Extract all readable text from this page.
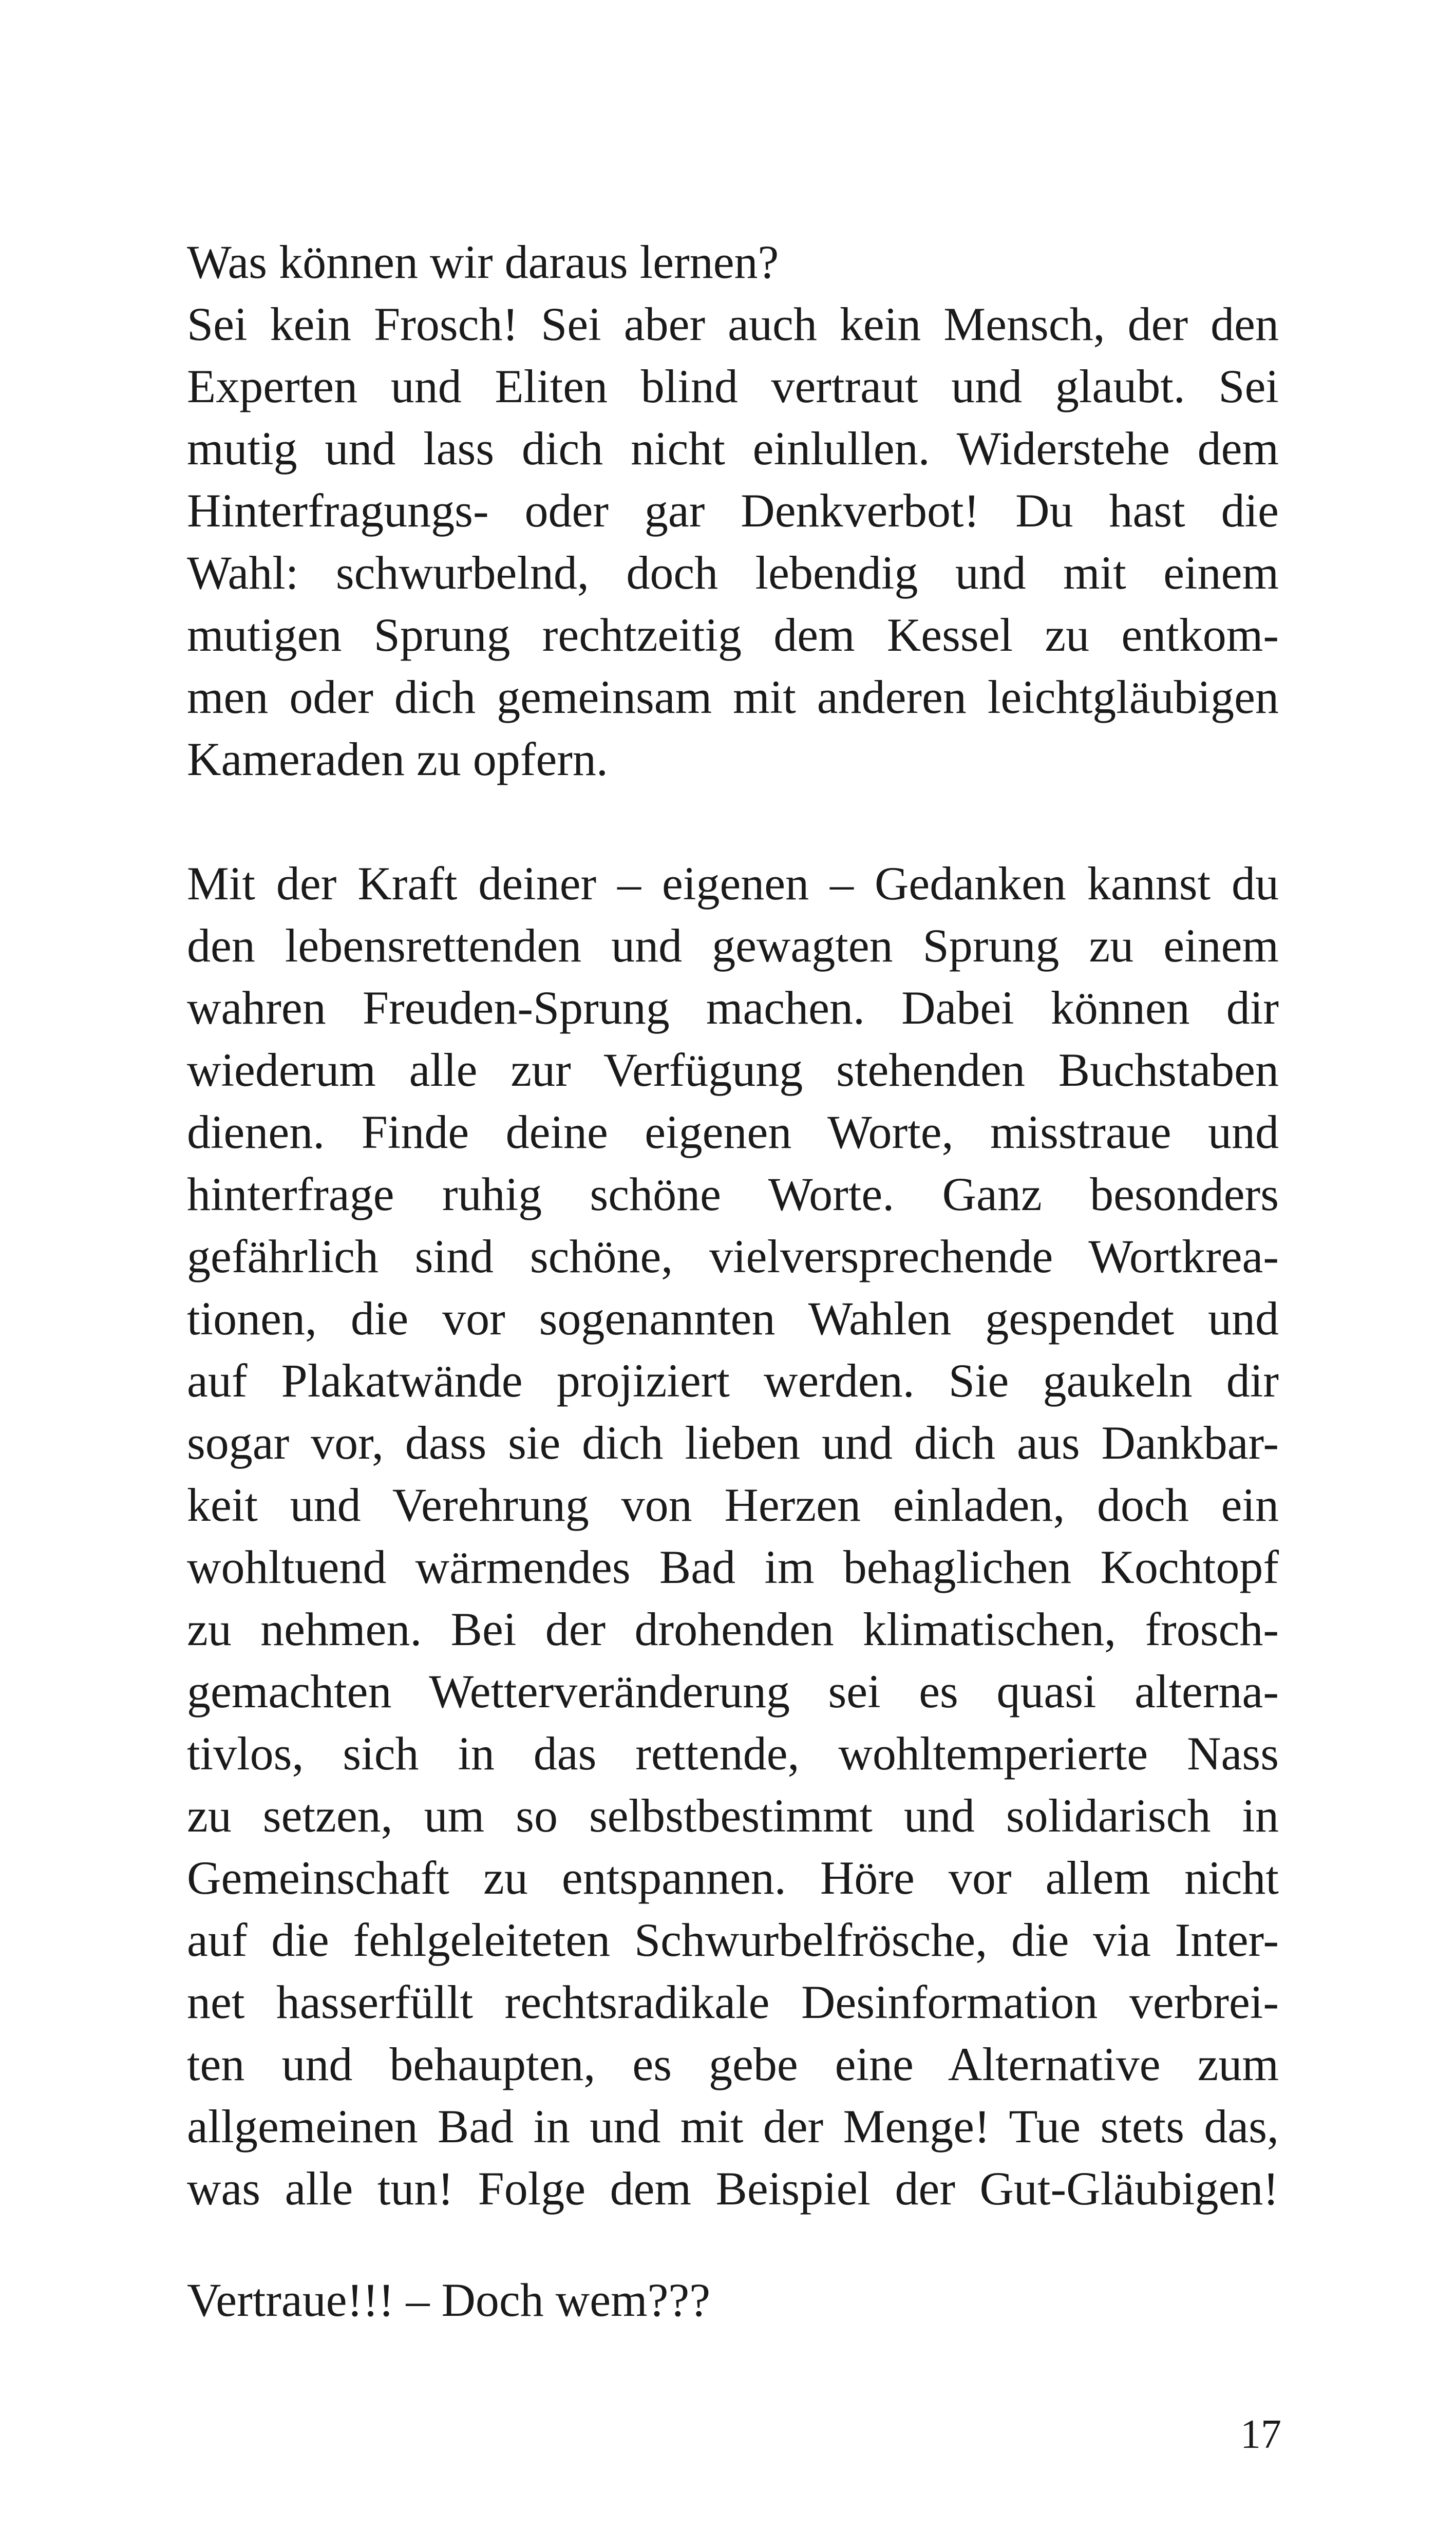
Was können wir daraus lernen?
Sei kein Frosch! Sei aber auch kein Mensch, der den
Experten und Eliten blind vertraut und glaubt. Sei
mutig und lass dich nicht einlullen. Widerstehe dem
Hinterfragungs- oder gar Denkverbot! Du hast die
Wahl: schwurbelnd, doch lebendig und mit einem
mutigen Sprung rechtzeitig dem Kessel zu entkom-
men oder dich gemeinsam mit anderen leichtgläubigen
Kameraden zu opfern.
Mit der Kraft deiner – eigenen – Gedanken kannst du
den lebensrettenden und gewagten Sprung zu einem
wahren Freuden-Sprung machen. Dabei können dir
wiederum alle zur Verfügung stehenden Buchstaben
dienen. Finde deine eigenen Worte, misstraue und
hinterfrage ruhig schöne Worte. Ganz besonders
gefährlich sind schöne, vielversprechende Wortkrea-
tionen, die vor sogenannten Wahlen gespendet und
auf Plakatwände projiziert werden. Sie gaukeln dir
sogar vor, dass sie dich lieben und dich aus Dankbar-
keit und Verehrung von Herzen einladen, doch ein
wohltuend wärmendes Bad im behaglichen Kochtopf
zu nehmen. Bei der drohenden klimatischen, frosch-
gemachten Wetterveränderung sei es quasi alterna-
tivlos, sich in das rettende, wohltemperierte Nass
zu setzen, um so selbstbestimmt und solidarisch in
Gemeinschaft zu entspannen. Höre vor allem nicht
auf die fehlgeleiteten Schwurbelfrösche, die via Inter-
net hasserfüllt rechtsradikale Desinformation verbrei-
ten und behaupten, es gebe eine Alternative zum
allgemeinen Bad in und mit der Menge! Tue stets das,
was alle tun! Folge dem Beispiel der Gut-Gläubigen!
Vertraue!!! – Doch wem???
17
